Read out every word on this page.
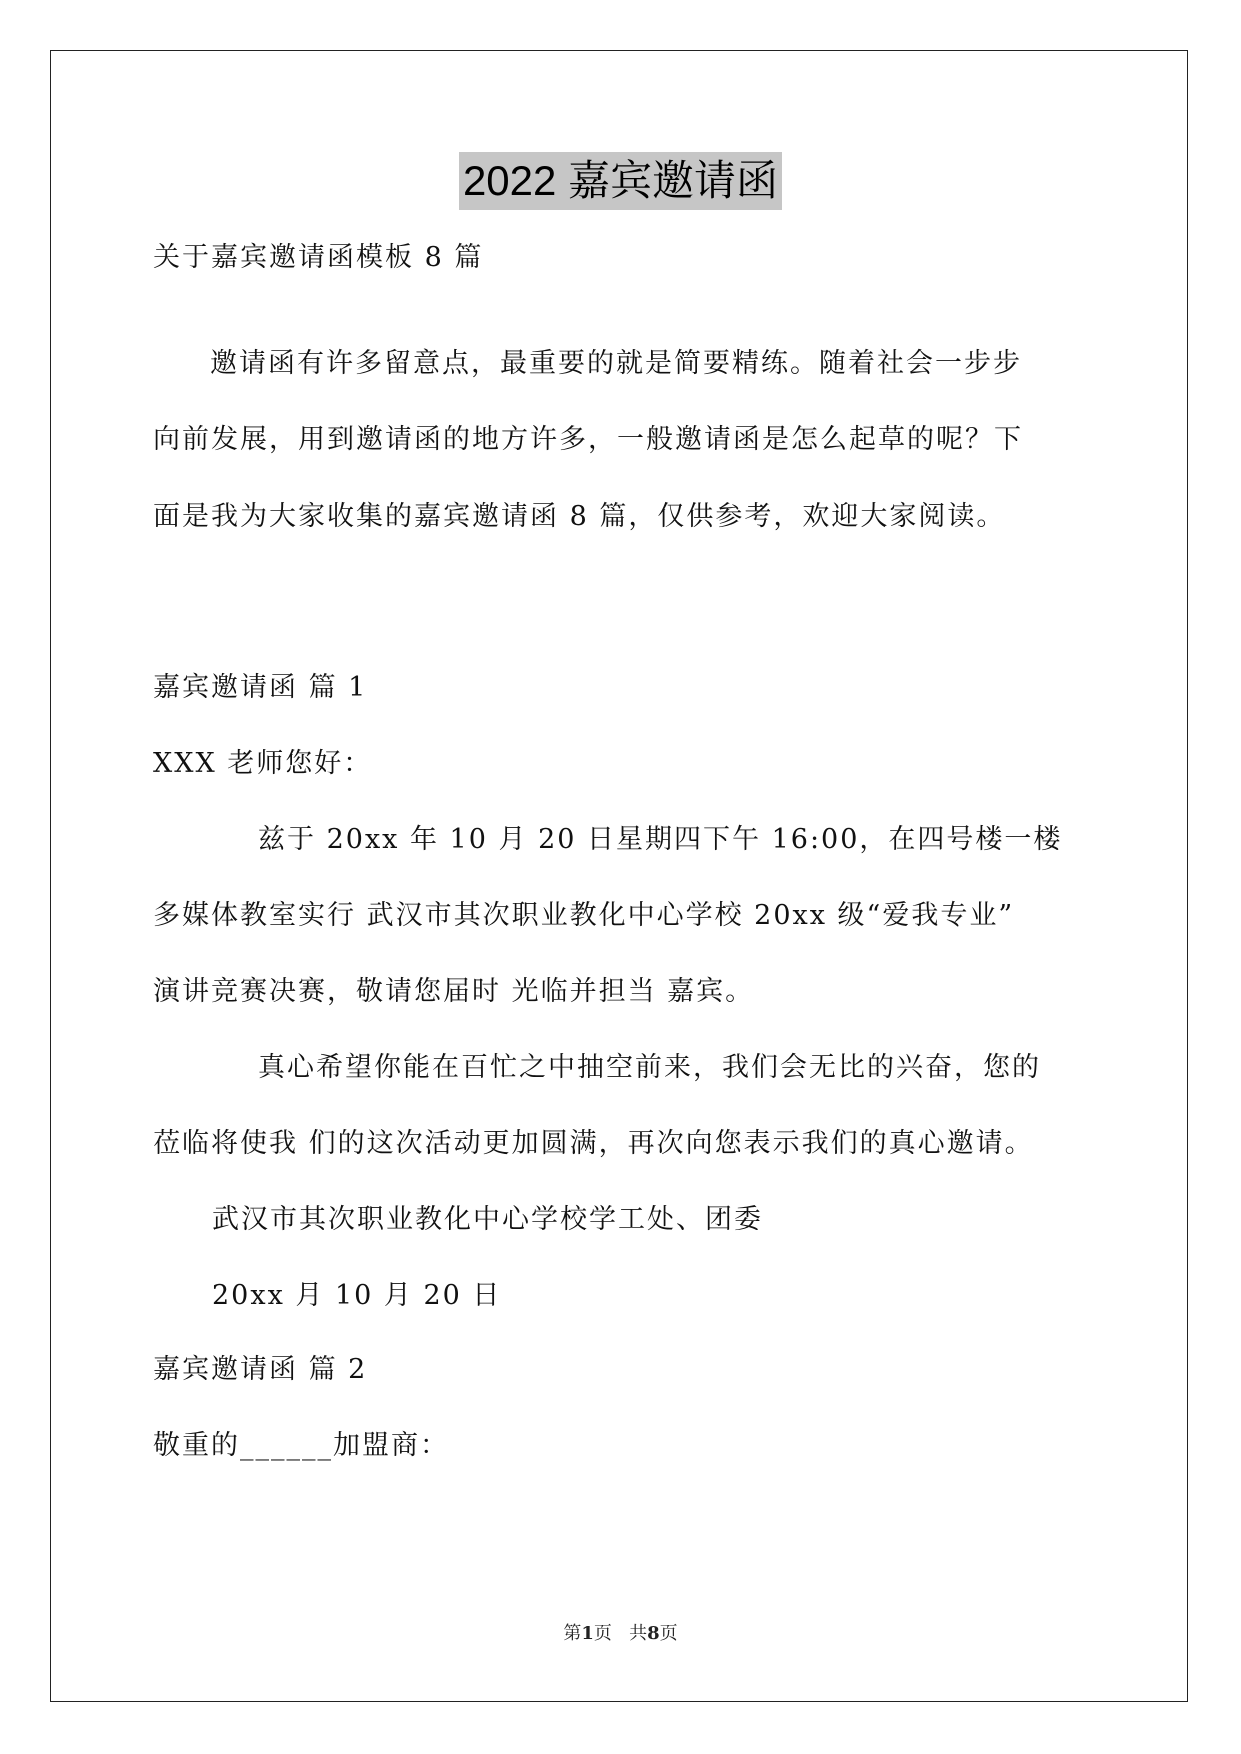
2022 嘉宾邀请函
关于嘉宾邀请函模板 8 篇
邀请函有许多留意点，最重要的就是简要精练。随着社会一步步
向前发展，用到邀请函的地方许多，一般邀请函是怎么起草的呢？下
面是我为大家收集的嘉宾邀请函 8 篇，仅供参考，欢迎大家阅读。
嘉宾邀请函 篇 1
XXX 老师您好：
兹于 20xx 年 10 月 20 日星期四下午 16:00，在四号楼一楼
多媒体教室实行 武汉市其次职业教化中心学校 20xx 级“爱我专业”
演讲竞赛决赛，敬请您届时 光临并担当 嘉宾。
真心希望你能在百忙之中抽空前来，我们会无比的兴奋，您的
莅临将使我 们的这次活动更加圆满，再次向您表示我们的真心邀请。
武汉市其次职业教化中心学校学工处、团委
20xx 月 10 月 20 日
嘉宾邀请函 篇 2
敬重的______加盟商：
第1页 共8页
